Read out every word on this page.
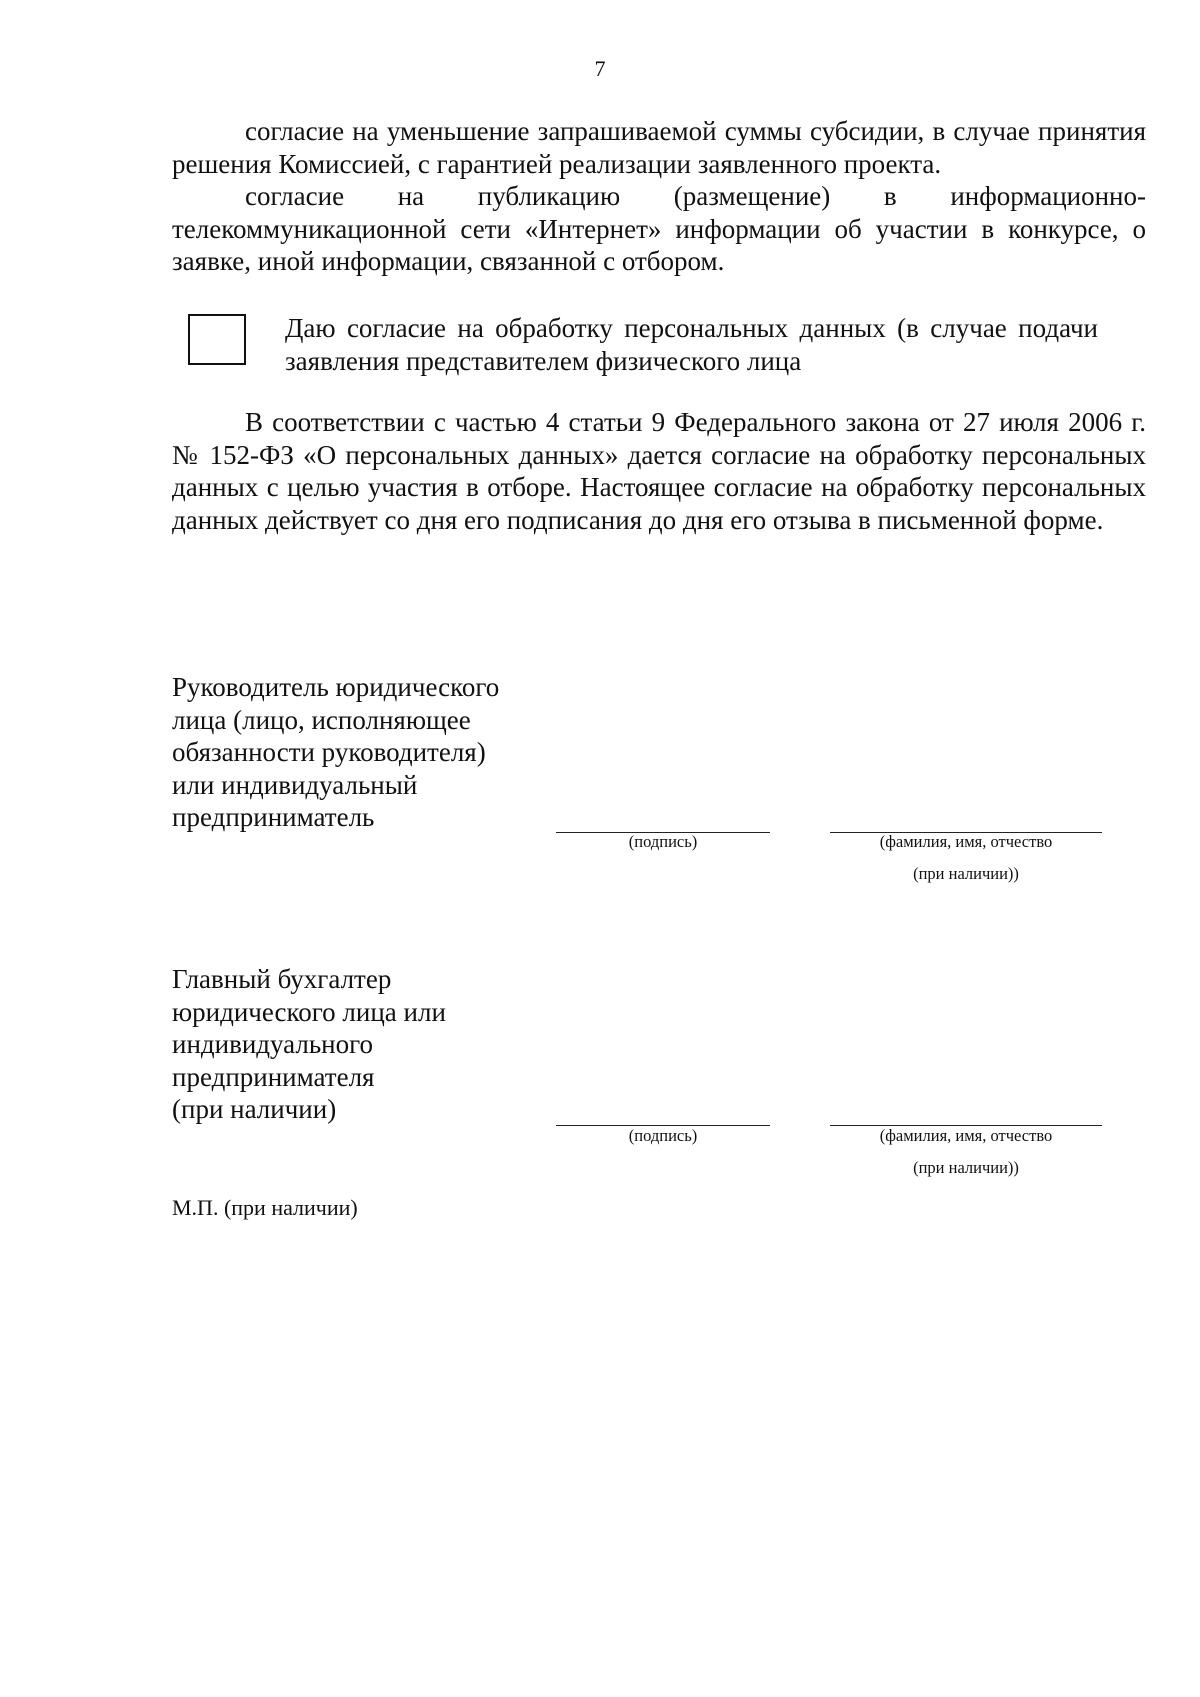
7

согласие на уменьшение запрашиваемой суммы субсидии, в случае принятия решения Комиссией, с гарантией реализации заявленного проекта.

согласие на публикацию (размещение) в информационно-телекоммуникационной сети «Интернет» информации об участии в конкурсе, о заявке, иной информации, связанной с отбором.

Даю согласие на обработку персональных данных (в случае подачи заявления представителем физического лица

В соответствии с частью 4 статьи 9 Федерального закона от 27 июля 2006 г. № 152-ФЗ «О персональных данных» дается согласие на обработку персональных данных с целью участия в отборе. Настоящее согласие на обработку персональных данных действует со дня его подписания до дня его отзыва в письменной форме.

Руководитель юридического
лица (лицо, исполняющее
обязанности руководителя)
или индивидуальный
предприниматель
(подпись)	(фамилия, имя, отчество
(при наличии))
Главный бухгалтер
юридического лица или
индивидуального
предпринимателя
(при наличии)
(подпись)	(фамилия, имя, отчество
(при наличии))
М.П. (при наличии)
